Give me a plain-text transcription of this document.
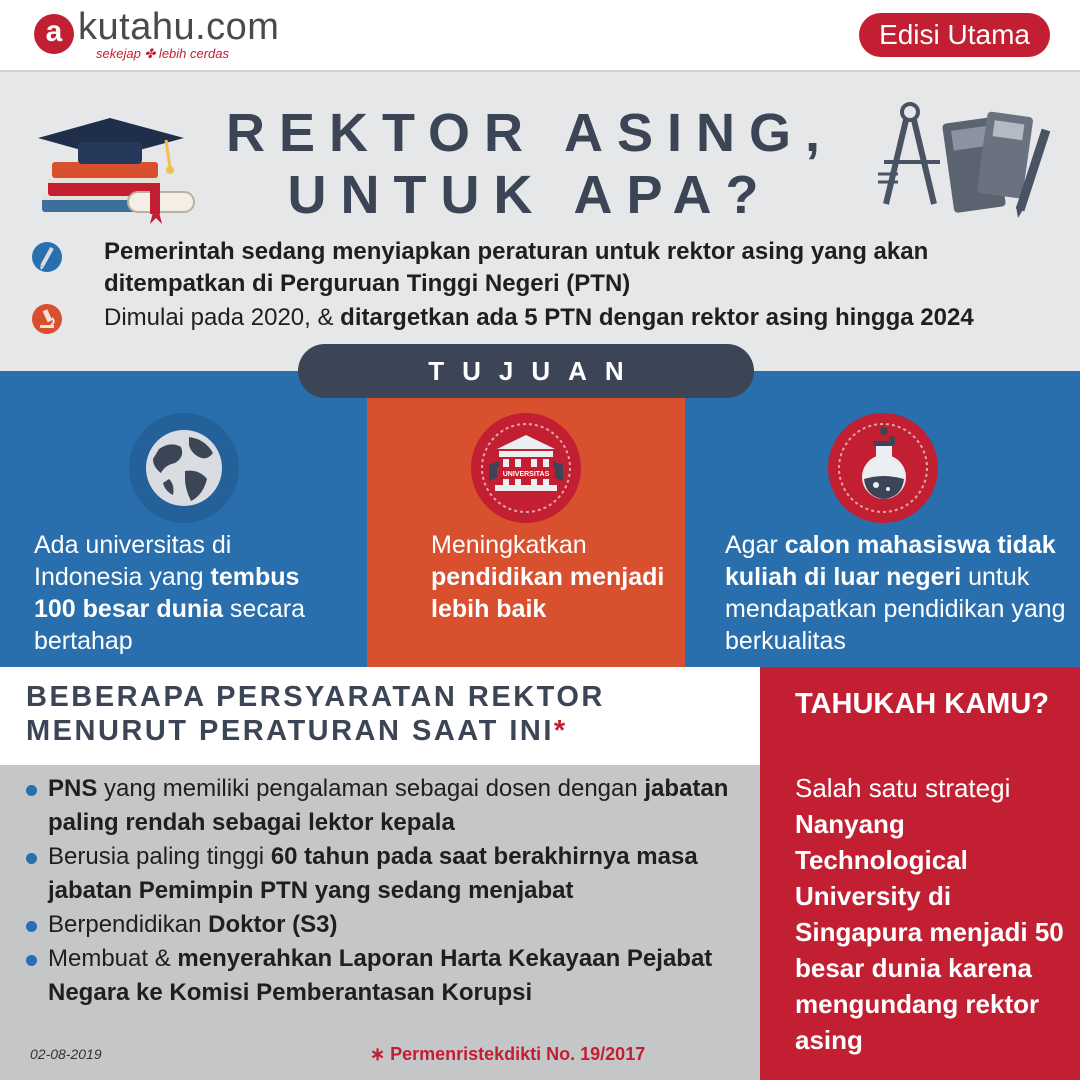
a kutahu.com
sekejap ✤ lebih cerdas
Edisi Utama
REKTOR ASING,
UNTUK APA?
Pemerintah sedang menyiapkan peraturan untuk rektor asing yang akan ditempatkan di Perguruan Tinggi Negeri (PTN)
Dimulai pada 2020, & ditargetkan ada 5 PTN dengan rektor asing hingga 2024
TUJUAN
Ada universitas di Indonesia yang tembus 100 besar dunia secara bertahap
UNIVERSITAS
Meningkatkan pendidikan menjadi lebih baik
Agar calon mahasiswa tidak kuliah di luar negeri untuk mendapatkan pendidikan yang berkualitas
BEBERAPA PERSYARATAN REKTOR
MENURUT PERATURAN SAAT INI*
PNS yang memiliki pengalaman sebagai dosen dengan jabatan paling rendah sebagai lektor kepala
Berusia paling tinggi 60 tahun pada saat berakhirnya masa jabatan Pemimpin PTN yang sedang menjabat
Berpendidikan Doktor (S3)
Membuat & menyerahkan Laporan Harta Kekayaan Pejabat Negara ke Komisi Pemberantasan Korupsi
02-08-2019	∗ Permenristekdikti No. 19/2017
TAHUKAH KAMU?
Salah satu strategi Nanyang Technological University di Singapura menjadi 50 besar dunia karena mengundang rektor asing
